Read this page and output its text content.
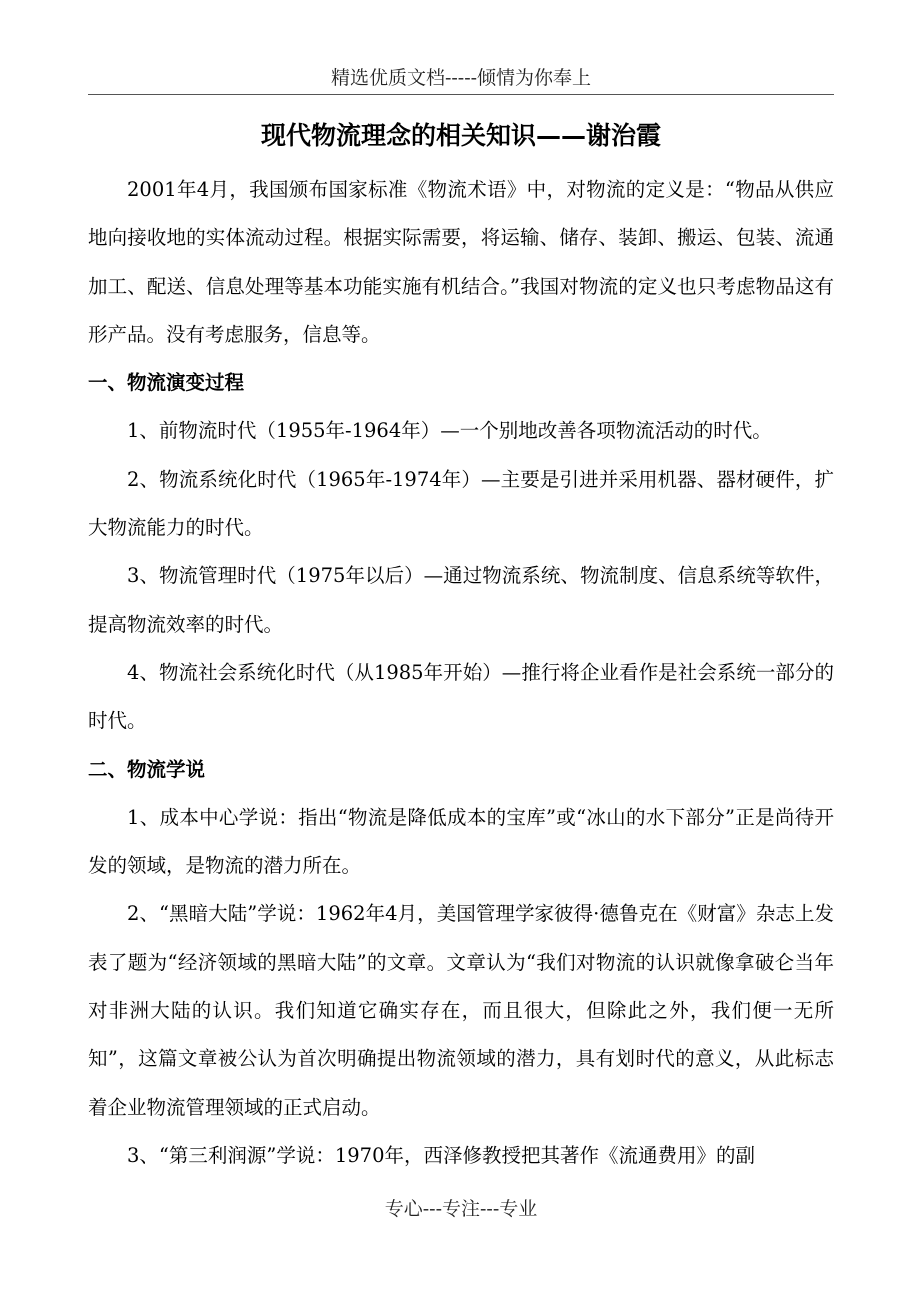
精选优质文档-----倾情为你奉上
现代物流理念的相关知识——谢治霞

2001年4月，我国颁布国家标准《物流术语》中，对物流的定义是：“物品从供应地向接收地的实体流动过程。根据实际需要，将运输、储存、装卸、搬运、包装、流通加工、配送、信息处理等基本功能实施有机结合。”我国对物流的定义也只考虑物品这有形产品。没有考虑服务，信息等。

一、物流演变过程

1、前物流时代（1955年-1964年）—一个别地改善各项物流活动的时代。

2、物流系统化时代（1965年-1974年）—主要是引进并采用机器、器材硬件，扩大物流能力的时代。

3、物流管理时代（1975年以后）—通过物流系统、物流制度、信息系统等软件，提高物流效率的时代。

4、物流社会系统化时代（从1985年开始）—推行将企业看作是社会系统一部分的时代。

二、物流学说

1、成本中心学说：指出“物流是降低成本的宝库”或“冰山的水下部分”正是尚待开发的领域，是物流的潜力所在。

2、“黑暗大陆”学说：1962年4月，美国管理学家彼得·德鲁克在《财富》杂志上发表了题为“经济领域的黑暗大陆”的文章。文章认为“我们对物流的认识就像拿破仑当年对非洲大陆的认识。我们知道它确实存在，而且很大，但除此之外，我们便一无所知”，这篇文章被公认为首次明确提出物流领域的潜力，具有划时代的意义，从此标志着企业物流管理领域的正式启动。

3、“第三利润源”学说：1970年，西泽修教授把其著作《流通费用》的副

专心---专注---专业
